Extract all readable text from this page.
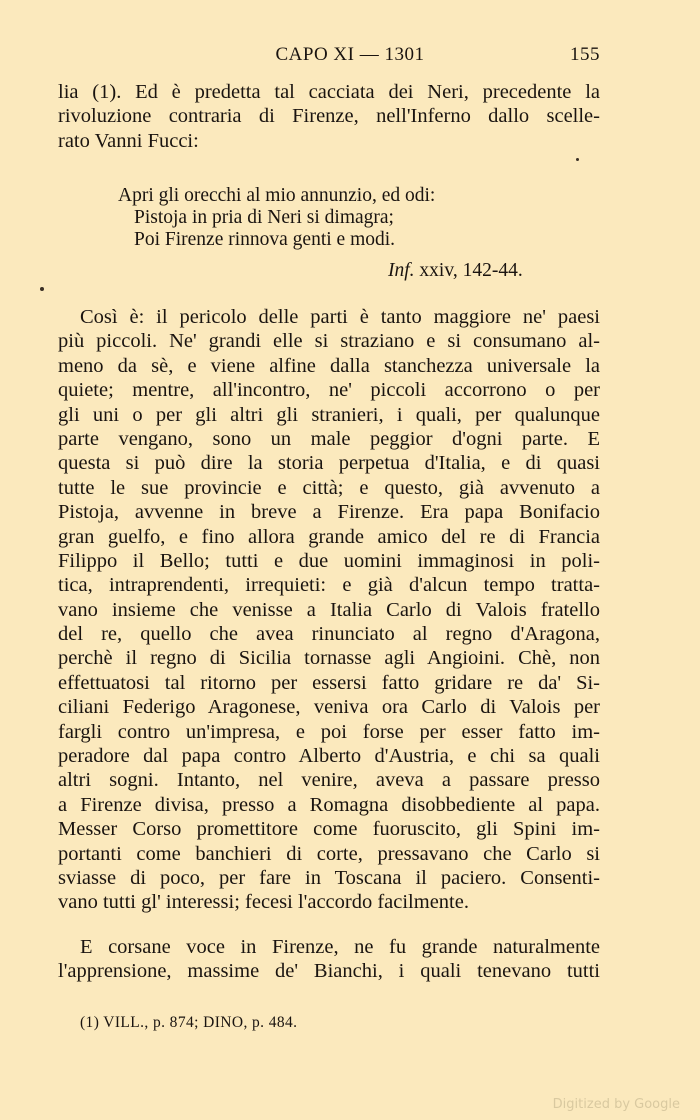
CAPO XI — 1301	155
lia (1). Ed è predetta tal cacciata dei Neri, precedente la
rivoluzione contraria di Firenze, nell'Inferno dallo scelle-
rato Vanni Fucci:
Apri gli orecchi al mio annunzio, ed odi:
Pistoja in pria di Neri si dimagra;
Poi Firenze rinnova genti e modi.
Inf. xxiv, 142-44.
Così è: il pericolo delle parti è tanto maggiore ne' paesi
più piccoli. Ne' grandi elle si straziano e si consumano al-
meno da sè, e viene alfine dalla stanchezza universale la
quiete; mentre, all'incontro, ne' piccoli accorrono o per
gli uni o per gli altri gli stranieri, i quali, per qualunque
parte vengano, sono un male peggior d'ogni parte. E
questa si può dire la storia perpetua d'Italia, e di quasi
tutte le sue provincie e città; e questo, già avvenuto a
Pistoja, avvenne in breve a Firenze. Era papa Bonifacio
gran guelfo, e fino allora grande amico del re di Francia
Filippo il Bello; tutti e due uomini immaginosi in poli-
tica, intraprendenti, irrequieti: e già d'alcun tempo tratta-
vano insieme che venisse a Italia Carlo di Valois fratello
del re, quello che avea rinunciato al regno d'Aragona,
perchè il regno di Sicilia tornasse agli Angioini. Chè, non
effettuatosi tal ritorno per essersi fatto gridare re da' Si-
ciliani Federigo Aragonese, veniva ora Carlo di Valois per
fargli contro un'impresa, e poi forse per esser fatto im-
peradore dal papa contro Alberto d'Austria, e chi sa quali
altri sogni. Intanto, nel venire, aveva a passare presso
a Firenze divisa, presso a Romagna disobbediente al papa.
Messer Corso promettitore come fuoruscito, gli Spini im-
portanti come banchieri di corte, pressavano che Carlo si
sviasse di poco, per fare in Toscana il paciero. Consenti-
vano tutti gl' interessi; fecesi l'accordo facilmente.
E corsane voce in Firenze, ne fu grande naturalmente
l'apprensione, massime de' Bianchi, i quali tenevano tutti
(1) VILL., p. 874; DINO, p. 484.
Digitized by Google
